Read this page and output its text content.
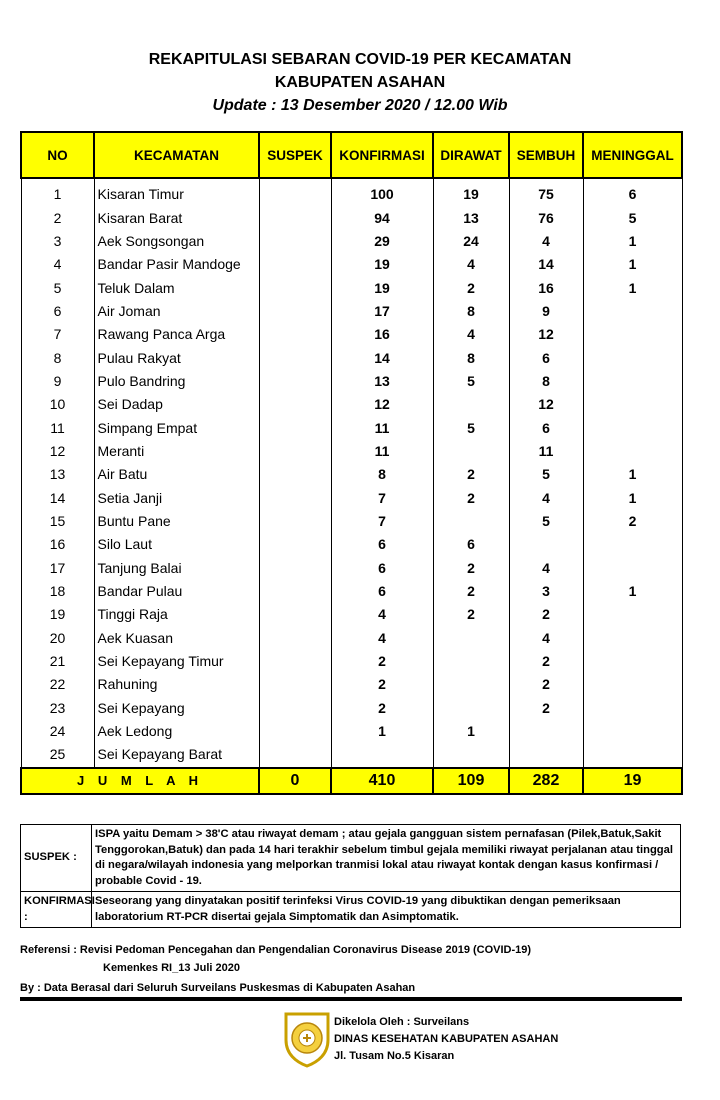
REKAPITULASI SEBARAN COVID-19 PER KECAMATAN
KABUPATEN ASAHAN
Update : 13 Desember 2020 / 12.00 Wib
NO	KECAMATAN	SUSPEK	KONFIRMASI	DIRAWAT	SEMBUH	MENINGGAL
1	Kisaran Timur		100	19	75	6
2	Kisaran Barat		94	13	76	5
3	Aek Songsongan		29	24	4	1
4	Bandar Pasir Mandoge		19	4	14	1
5	Teluk Dalam		19	2	16	1
6	Air Joman		17	8	9	
7	Rawang Panca Arga		16	4	12	
8	Pulau Rakyat		14	8	6	
9	Pulo Bandring		13	5	8	
10	Sei Dadap		12		12	
11	Simpang Empat		11	5	6	
12	Meranti		11		11	
13	Air Batu		8	2	5	1
14	Setia Janji		7	2	4	1
15	Buntu Pane		7		5	2
16	Silo Laut		6	6		
17	Tanjung Balai		6	2	4	
18	Bandar Pulau		6	2	3	1
19	Tinggi Raja		4	2	2	
20	Aek Kuasan		4		4	
21	Sei Kepayang Timur		2		2	
22	Rahuning		2		2	
23	Sei Kepayang		2		2	
24	Aek Ledong		1	1		
25	Sei Kepayang Barat					
J U M L A H		0	410	109	282	19
SUSPEK :	ISPA yaitu Demam > 38'C atau riwayat demam ; atau gejala gangguan sistem pernafasan (Pilek,Batuk,Sakit Tenggorokan,Batuk) dan pada 14 hari terakhir sebelum timbul gejala memiliki riwayat perjalanan atau tinggal di negara/wilayah indonesia yang melporkan tranmisi lokal atau riwayat kontak dengan kasus konfirmasi / probable Covid - 19.
KONFIRMASI :	Seseorang yang dinyatakan positif terinfeksi Virus COVID-19 yang dibuktikan dengan pemeriksaan laboratorium RT-PCR disertai gejala Simptomatik dan Asimptomatik.
Referensi : Revisi Pedoman Pencegahan dan Pengendalian Coronavirus Disease 2019 (COVID-19)
Kemenkes RI_13 Juli 2020
By : Data Berasal dari Seluruh Surveilans Puskesmas di Kabupaten Asahan
Dikelola Oleh : Surveilans
DINAS KESEHATAN KABUPATEN ASAHAN
Jl. Tusam No.5 Kisaran
